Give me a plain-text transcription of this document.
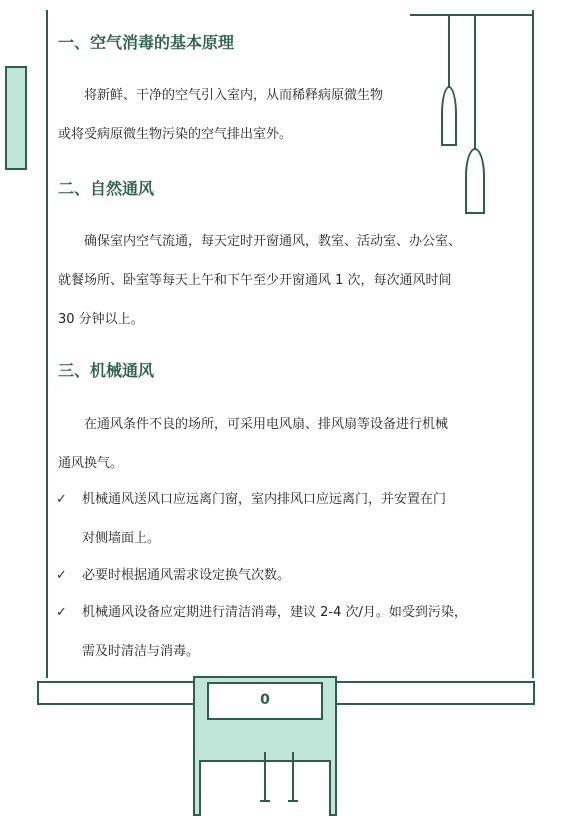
一、空气消毒的基本原理
将新鲜、干净的空气引入室内，从而稀释病原微生物
或将受病原微生物污染的空气排出室外。
二、自然通风
确保室内空气流通，每天定时开窗通风，教室、活动室、办公室、
就餐场所、卧室等每天上午和下午至少开窗通风 1 次，每次通风时间
30 分钟以上。
三、机械通风
在通风条件不良的场所，可采用电风扇、排风扇等设备进行机械
通风换气。
✓	机械通风送风口应远离门窗，室内排风口应远离门，并安置在门
对侧墙面上。
✓	必要时根据通风需求设定换气次数。
✓	机械通风设备应定期进行清洁消毒，建议 2-4 次/月。如受到污染，
需及时清洁与消毒。
0
